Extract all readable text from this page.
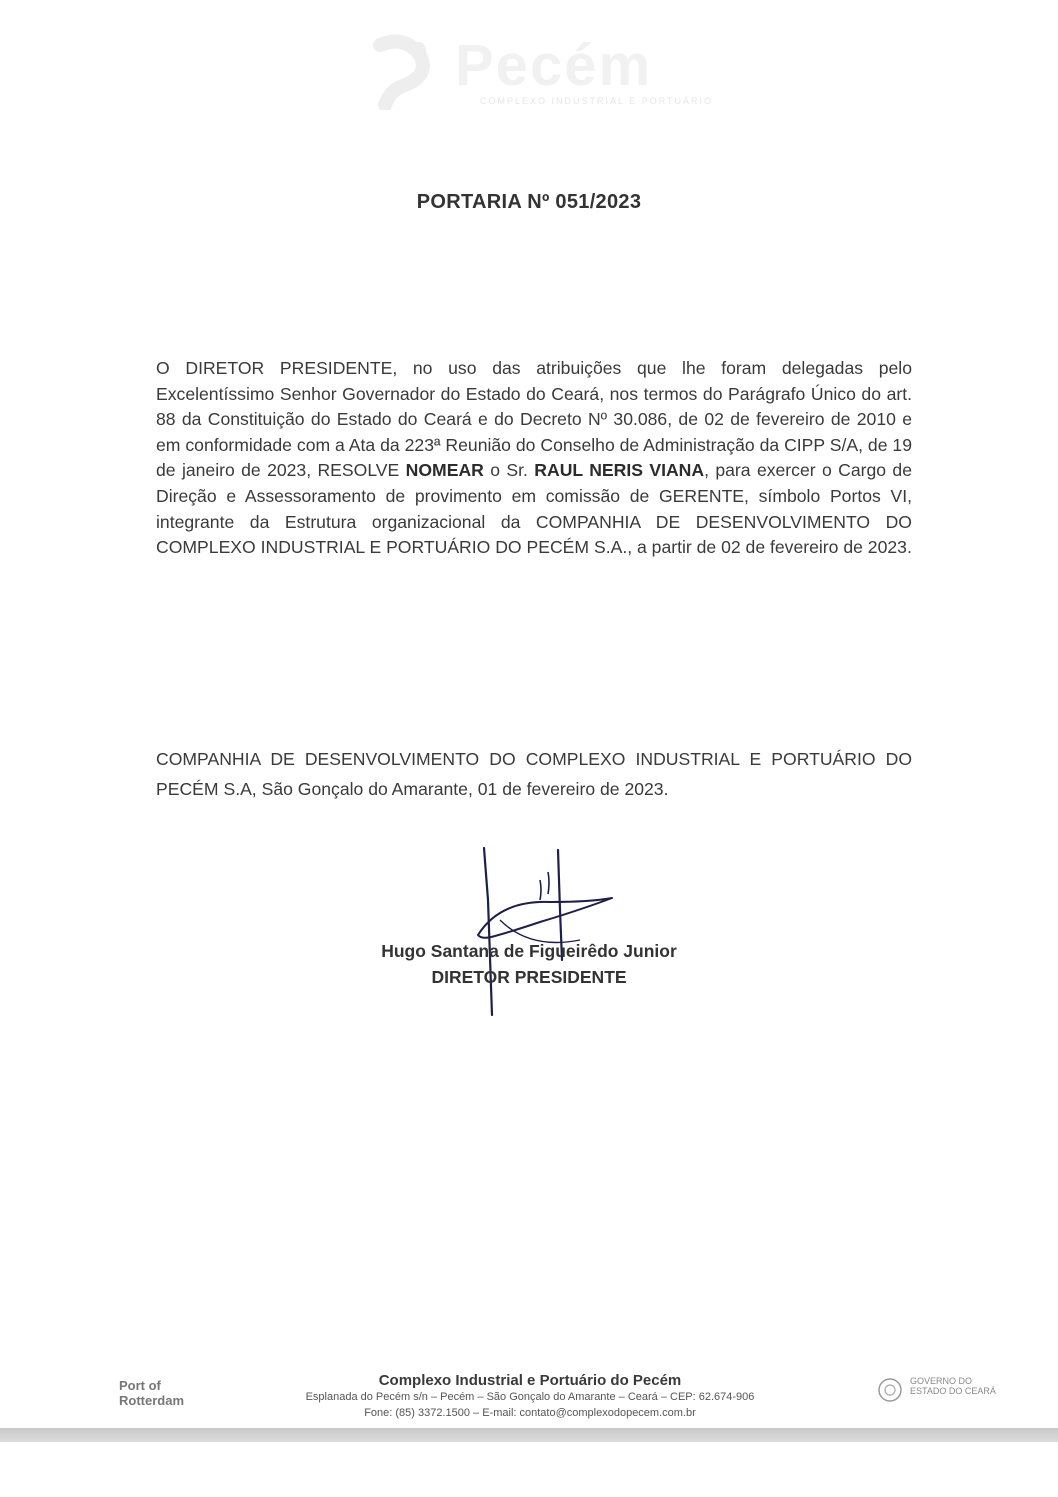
Pecém
COMPLEXO INDUSTRIAL E PORTUÁRIO
PORTARIA Nº 051/2023
O DIRETOR PRESIDENTE, no uso das atribuições que lhe foram delegadas pelo Excelentíssimo Senhor Governador do Estado do Ceará, nos termos do Parágrafo Único do art. 88 da Constituição do Estado do Ceará e do Decreto Nº 30.086, de 02 de fevereiro de 2010 e em conformidade com a Ata da 223ª Reunião do Conselho de Administração da CIPP S/A, de 19 de janeiro de 2023, RESOLVE NOMEAR o Sr. RAUL NERIS VIANA, para exercer o Cargo de Direção e Assessoramento de provimento em comissão de GERENTE, símbolo Portos VI, integrante da Estrutura organizacional da COMPANHIA DE DESENVOLVIMENTO DO COMPLEXO INDUSTRIAL E PORTUÁRIO DO PECÉM S.A., a partir de 02 de fevereiro de 2023.
COMPANHIA DE DESENVOLVIMENTO DO COMPLEXO INDUSTRIAL E PORTUÁRIO DO PECÉM S.A, São Gonçalo do Amarante, 01 de fevereiro de 2023.
Hugo Santana de Figueirêdo Junior
DIRETOR PRESIDENTE
Port of
Rotterdam
Complexo Industrial e Portuário do Pecém
Esplanada do Pecém s/n – Pecém – São Gonçalo do Amarante – Ceará – CEP: 62.674-906
Fone: (85) 3372.1500 – E-mail: contato@complexodopecem.com.br
GOVERNO DO
ESTADO DO CEARÁ
